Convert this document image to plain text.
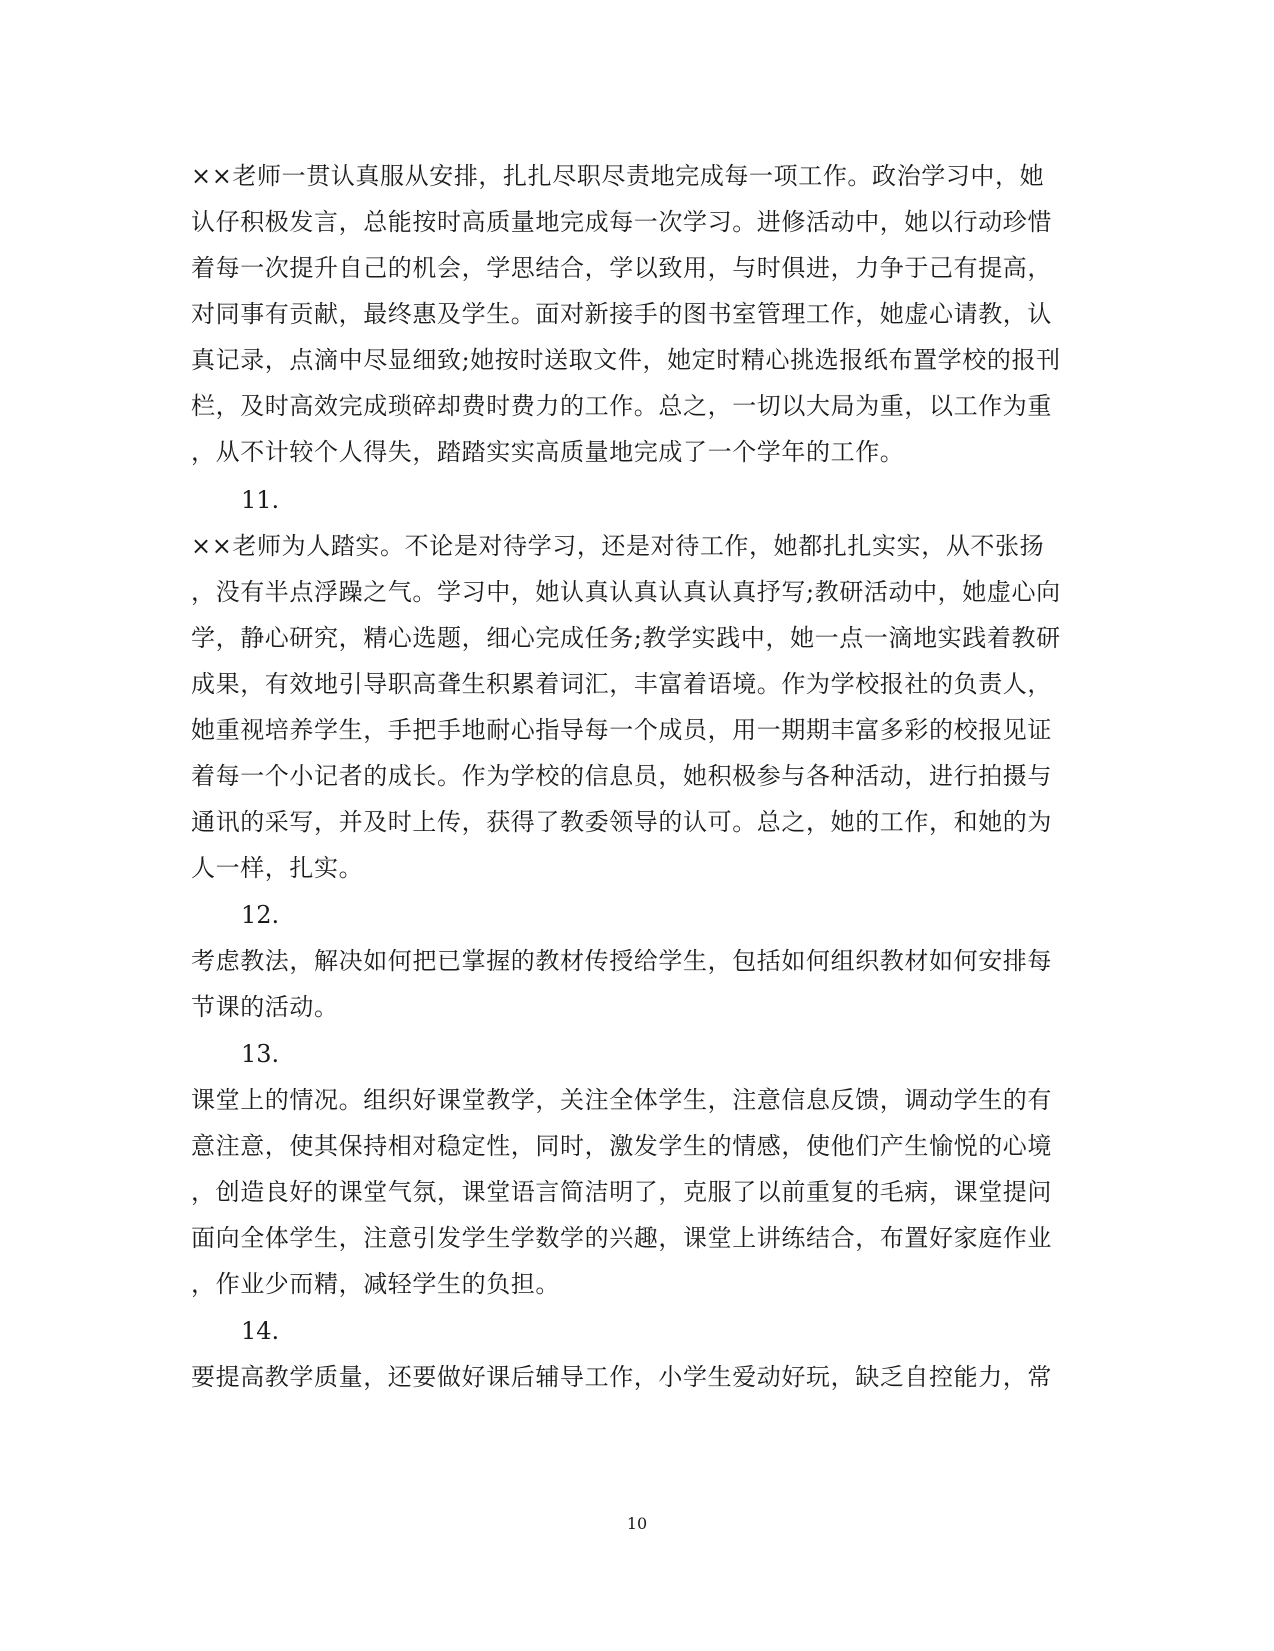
××老师一贯认真服从安排，扎扎尽职尽责地完成每一项工作。政治学习中，她
认仔积极发言，总能按时高质量地完成每一次学习。进修活动中，她以行动珍惜
着每一次提升自己的机会，学思结合，学以致用，与时俱进，力争于己有提高，
对同事有贡献，最终惠及学生。面对新接手的图书室管理工作，她虚心请教，认
真记录，点滴中尽显细致;她按时送取文件，她定时精心挑选报纸布置学校的报刊
栏，及时高效完成琐碎却费时费力的工作。总之，一切以大局为重，以工作为重
，从不计较个人得失，踏踏实实高质量地完成了一个学年的工作。
11.
××老师为人踏实。不论是对待学习，还是对待工作，她都扎扎实实，从不张扬
，没有半点浮躁之气。学习中，她认真认真认真认真抒写;教研活动中，她虚心向
学，静心研究，精心选题，细心完成任务;教学实践中，她一点一滴地实践着教研
成果，有效地引导职高聋生积累着词汇，丰富着语境。作为学校报社的负责人，
她重视培养学生，手把手地耐心指导每一个成员，用一期期丰富多彩的校报见证
着每一个小记者的成长。作为学校的信息员，她积极参与各种活动，进行拍摄与
通讯的采写，并及时上传，获得了教委领导的认可。总之，她的工作，和她的为
人一样，扎实。
12.
考虑教法，解决如何把已掌握的教材传授给学生，包括如何组织教材如何安排每
节课的活动。
13.
课堂上的情况。组织好课堂教学，关注全体学生，注意信息反馈，调动学生的有
意注意，使其保持相对稳定性，同时，激发学生的情感，使他们产生愉悦的心境
，创造良好的课堂气氛，课堂语言简洁明了，克服了以前重复的毛病，课堂提问
面向全体学生，注意引发学生学数学的兴趣，课堂上讲练结合，布置好家庭作业
，作业少而精，减轻学生的负担。
14.
要提高教学质量，还要做好课后辅导工作，小学生爱动好玩，缺乏自控能力，常
10
